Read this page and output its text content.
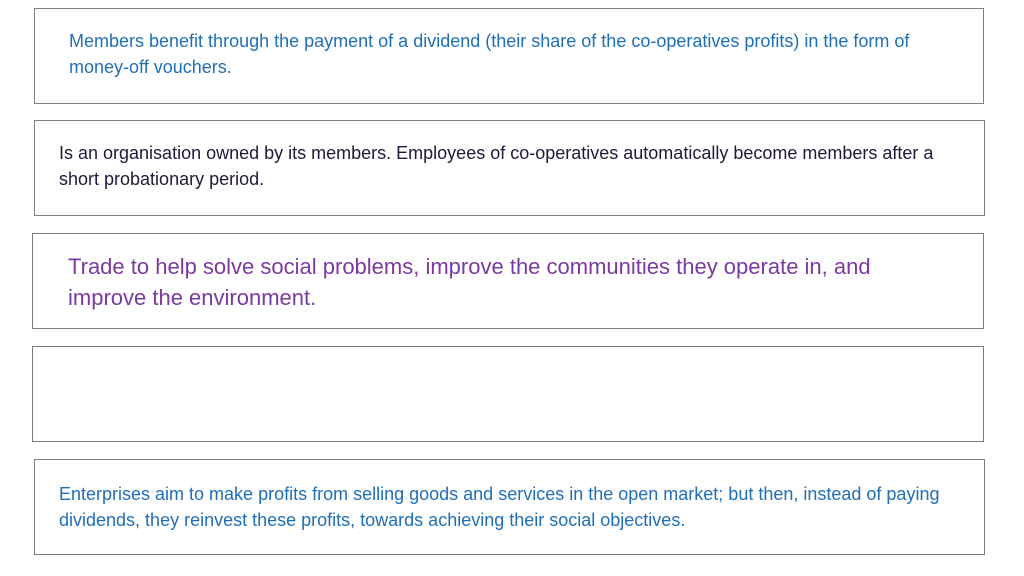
Members benefit through the payment of a dividend (their share of the co-operatives profits) in the form of money-off vouchers.

Is an organisation owned by its members. Employees of co-operatives automatically become members after a short probationary period.

Trade to help solve social problems, improve the communities they operate in, and improve the environment.

Enterprises aim to make profits from selling goods and services in the open market; but then, instead of paying dividends, they reinvest these profits, towards achieving their social objectives.
